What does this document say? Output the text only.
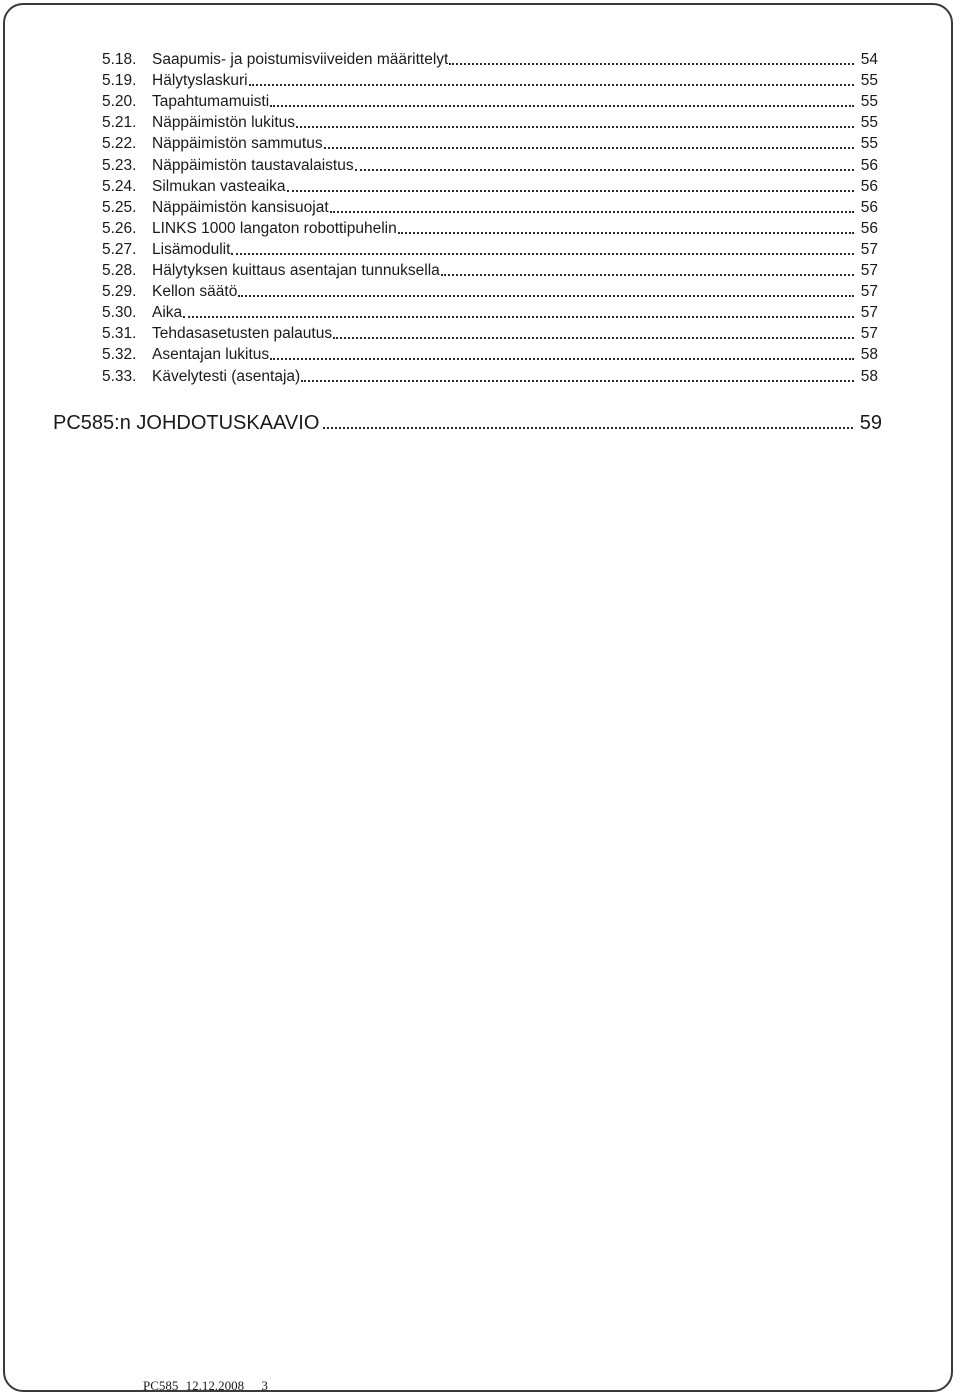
5.18.	Saapumis- ja poistumisviiveiden määrittelyt	54
5.19.	Hälytyslaskuri	55
5.20.	Tapahtumamuisti	55
5.21.	Näppäimistön lukitus	55
5.22.	Näppäimistön sammutus	55
5.23.	Näppäimistön taustavalaistus	56
5.24.	Silmukan vasteaika	56
5.25.	Näppäimistön kansisuojat	56
5.26.	LINKS 1000 langaton robottipuhelin	56
5.27.	Lisämodulit	57
5.28.	Hälytyksen kuittaus asentajan tunnuksella	57
5.29.	Kellon säätö	57
5.30.	Aika	57
5.31.	Tehdasasetusten palautus	57
5.32.	Asentajan lukitus	58
5.33.	Kävelytesti (asentaja)	58
PC585:n JOHDOTUSKAAVIO	59
PC585 12.12.2008 3
